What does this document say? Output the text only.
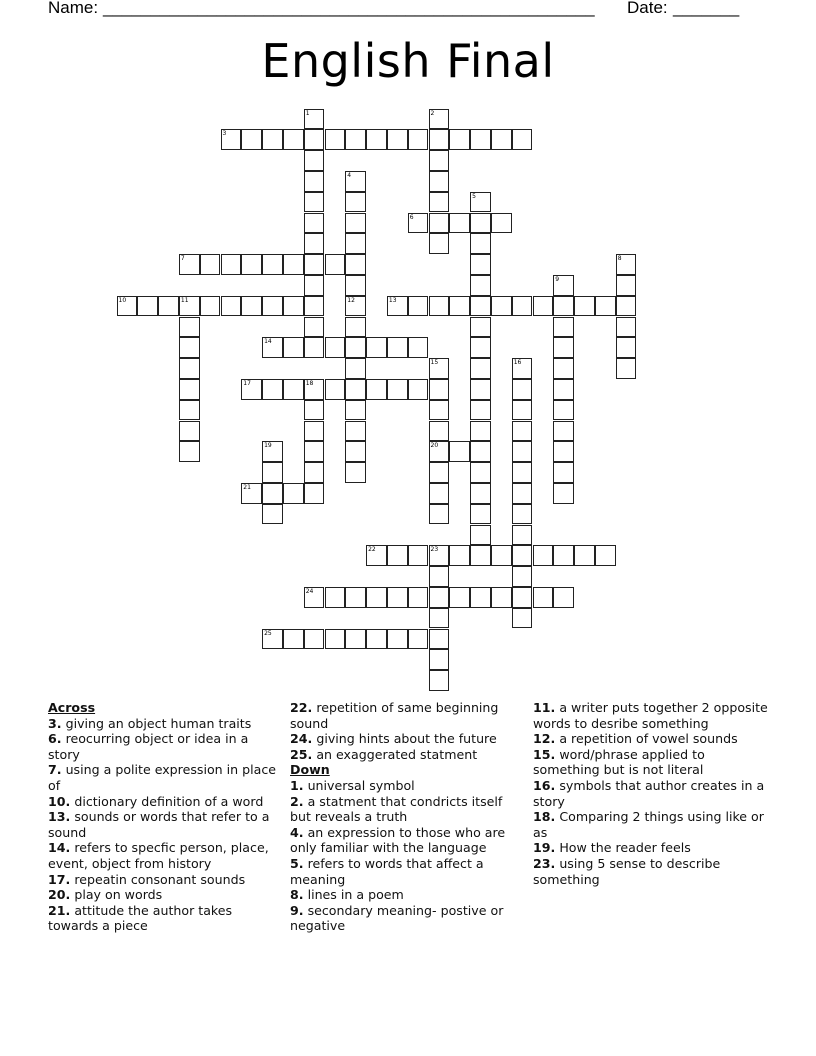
Name: ____________________________________________________ Date: _______
English Final
1	2
3
4
5
6
7	8
9
10	11	12	13
14
15	16
17	18
19	20
21
22	23
24
25
Across
3. giving an object human traits
6. reocurring object or idea in a story
7. using a polite expression in place of
10. dictionary definition of a word
13. sounds or words that refer to a sound
14. refers to specfic person, place, event, object from history
17. repeatin consonant sounds
20. play on words
21. attitude the author takes towards a piece
22. repetition of same beginning sound
24. giving hints about the future
25. an exaggerated statment
Down
1. universal symbol
2. a statment that condricts itself but reveals a truth
4. an expression to those who are only familiar with the language
5. refers to words that affect a meaning
8. lines in a poem
9. secondary meaning- postive or negative
11. a writer puts together 2 opposite words to desribe something
12. a repetition of vowel sounds
15. word/phrase applied to something but is not literal
16. symbols that author creates in a story
18. Comparing 2 things using like or as
19. How the reader feels
23. using 5 sense to describe something
